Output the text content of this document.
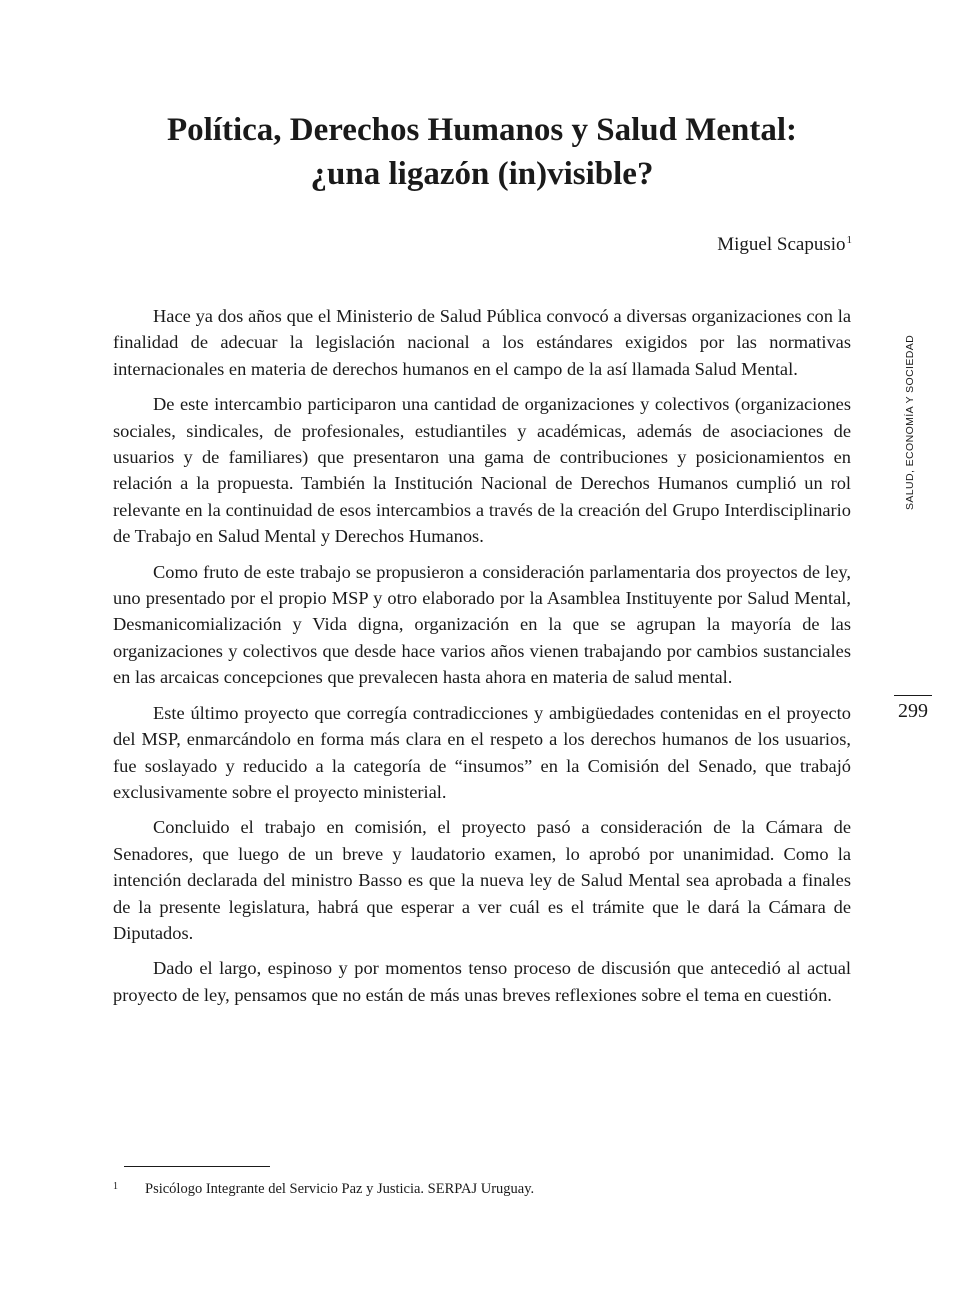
Política, Derechos Humanos y Salud Mental:
¿una ligazón (in)visible?
Miguel Scapusio$^1$

Hace ya dos años que el Ministerio de Salud Pública convocó a diversas organizaciones con la finalidad de adecuar la legislación nacional a los estándares exigidos por las normativas internacionales en materia de derechos humanos en el campo de la así llamada Salud Mental.

De este intercambio participaron una cantidad de organizaciones y colectivos (organizaciones sociales, sindicales, de profesionales, estudiantiles y académicas, además de asociaciones de usuarios y de familiares) que presentaron una gama de contribuciones y posicionamientos en relación a la propuesta. También la Institución Nacional de Derechos Humanos cumplió un rol relevante en la continuidad de esos intercambios a través de la creación del Grupo Interdisciplinario de Trabajo en Salud Mental y Derechos Humanos.

Como fruto de este trabajo se propusieron a consideración parlamentaria dos proyectos de ley, uno presentado por el propio MSP y otro elaborado por la Asamblea Instituyente por Salud Mental, Desmanicomialización y Vida digna, organización en la que se agrupan la mayoría de las organizaciones y colectivos que desde hace varios años vienen trabajando por cambios sustanciales en las arcaicas concepciones que prevalecen hasta ahora en materia de salud mental.

Este último proyecto que corregía contradicciones y ambigüedades contenidas en el proyecto del MSP, enmarcándolo en forma más clara en el respeto a los derechos humanos de los usuarios, fue soslayado y reducido a la categoría de “insumos” en la Comisión del Senado, que trabajó exclusivamente sobre el proyecto ministerial.

Concluido el trabajo en comisión, el proyecto pasó a consideración de la Cámara de Senadores, que luego de un breve y laudatorio examen, lo aprobó por unanimidad. Como la intención declarada del ministro Basso es que la nueva ley de Salud Mental sea aprobada a finales de la presente legislatura, habrá que esperar a ver cuál es el trámite que le dará la Cámara de Diputados.

Dado el largo, espinoso y por momentos tenso proceso de discusión que antecedió al actual proyecto de ley, pensamos que no están de más unas breves reflexiones sobre el tema en cuestión.

SALUD, ECONOMÍA Y SOCIEDAD
299
1 Psicólogo Integrante del Servicio Paz y Justicia. SERPAJ Uruguay.
